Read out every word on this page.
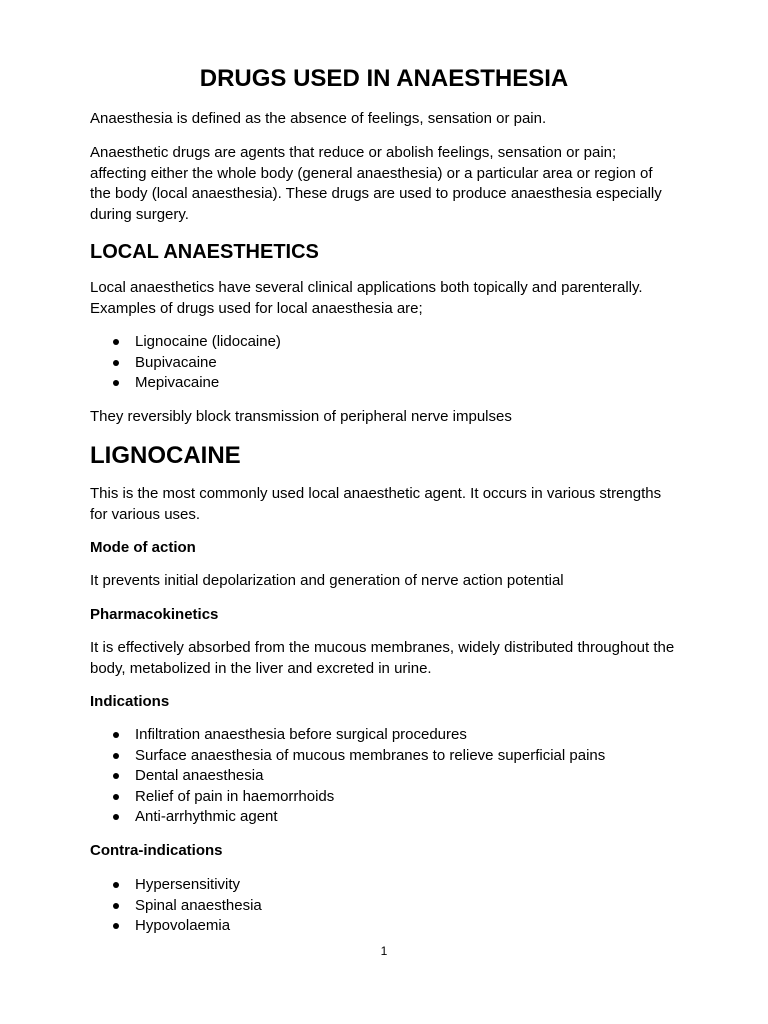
DRUGS USED IN ANAESTHESIA

Anaesthesia is defined as the absence of feelings, sensation or pain.

Anaesthetic drugs are agents that reduce or abolish feelings, sensation or pain;
affecting either the whole body (general anaesthesia) or a particular area or region of
the body (local anaesthesia). These drugs are used to produce anaesthesia especially
during surgery.
LOCAL ANAESTHETICS
Local anaesthetics have several clinical applications both topically and parenterally.
Examples of drugs used for local anaesthesia are;
Lignocaine (lidocaine)
Bupivacaine
Mepivacaine

They reversibly block transmission of peripheral nerve impulses

LIGNOCAINE
This is the most commonly used local anaesthetic agent. It occurs in various strengths
for various uses.
Mode of action

It prevents initial depolarization and generation of nerve action potential

Pharmacokinetics
It is effectively absorbed from the mucous membranes, widely distributed throughout the
body, metabolized in the liver and excreted in urine.
Indications
Infiltration anaesthesia before surgical procedures
Surface anaesthesia of mucous membranes to relieve superficial pains
Dental anaesthesia
Relief of pain in haemorrhoids
Anti-arrhythmic agent
Contra-indications
Hypersensitivity
Spinal anaesthesia
Hypovolaemia

1
